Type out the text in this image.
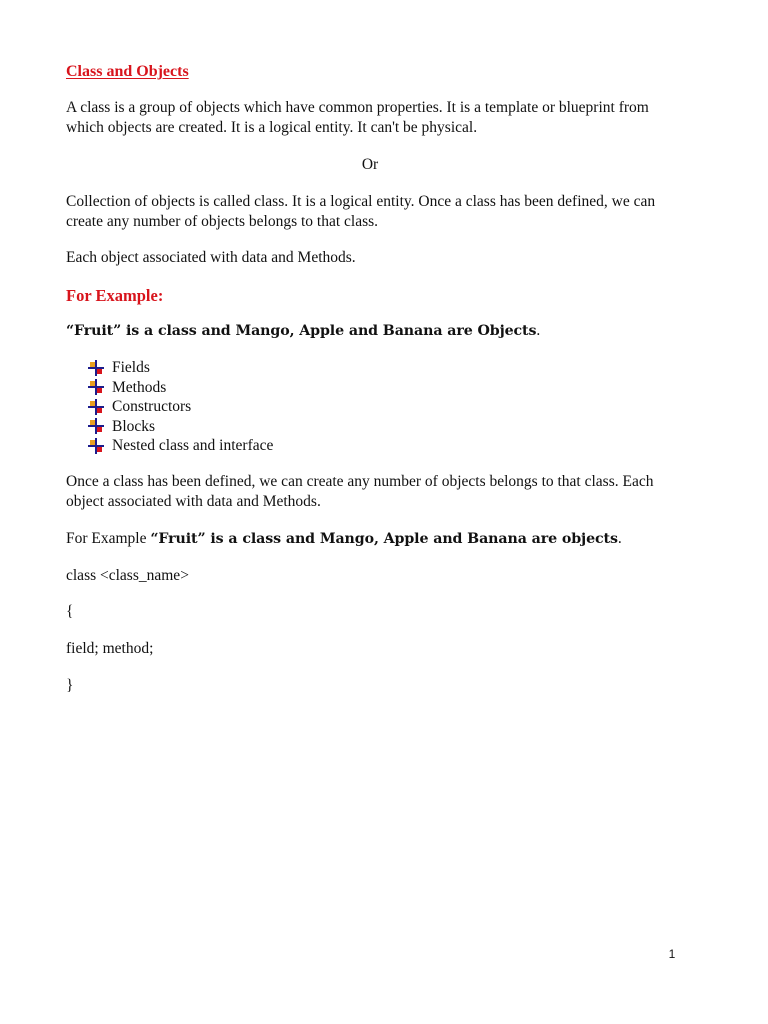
Class and Objects

A class is a group of objects which have common properties. It is a template or blueprint from which objects are created. It is a logical entity. It can't be physical.

Or

Collection of objects is called class. It is a logical entity. Once a class has been defined, we can create any number of objects belongs to that class.

Each object associated with data and Methods.

For Example:

“Fruit” is a class and Mango, Apple and Banana are Objects.

Fields
Methods
Constructors
Blocks
Nested class and interface

Once a class has been defined, we can create any number of objects belongs to that class. Each object associated with data and Methods.

For Example “Fruit” is a class and Mango, Apple and Banana are objects.

class <class_name>

{

field; method;

}

1
